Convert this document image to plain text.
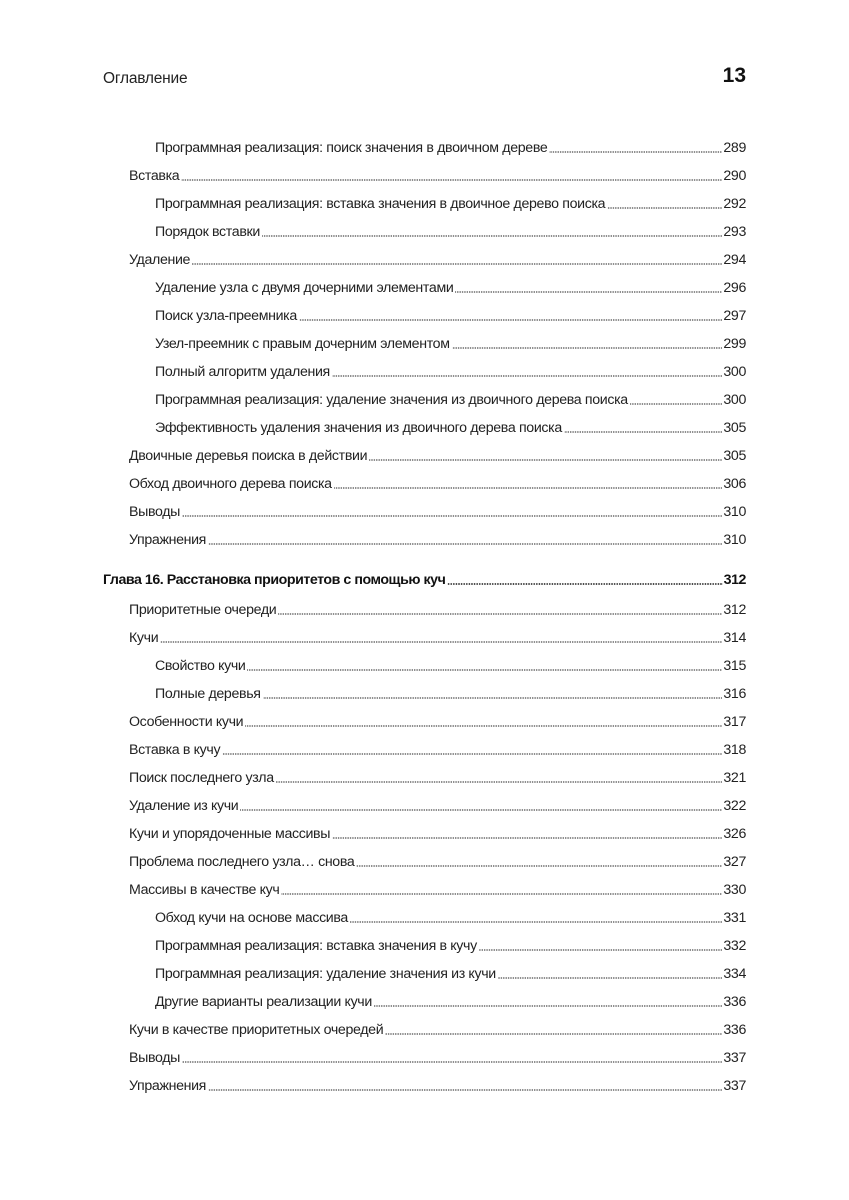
Оглавление	13
Программная реализация: поиск значения в двоичном дереве	289
Вставка	290
Программная реализация: вставка значения в двоичное дерево поиска	292
Порядок вставки	293
Удаление	294
Удаление узла с двумя дочерними элементами	296
Поиск узла-преемника	297
Узел-преемник с правым дочерним элементом	299
Полный алгоритм удаления	300
Программная реализация: удаление значения из двоичного дерева поиска	300
Эффективность удаления значения из двоичного дерева поиска	305
Двоичные деревья поиска в действии	305
Обход двоичного дерева поиска	306
Выводы	310
Упражнения	310
Глава 16. Расстановка приоритетов с помощью куч	312
Приоритетные очереди	312
Кучи	314
Свойство кучи	315
Полные деревья	316
Особенности кучи	317
Вставка в кучу	318
Поиск последнего узла	321
Удаление из кучи	322
Кучи и упорядоченные массивы	326
Проблема последнего узла… снова	327
Массивы в качестве куч	330
Обход кучи на основе массива	331
Программная реализация: вставка значения в кучу	332
Программная реализация: удаление значения из кучи	334
Другие варианты реализации кучи	336
Кучи в качестве приоритетных очередей	336
Выводы	337
Упражнения	337
